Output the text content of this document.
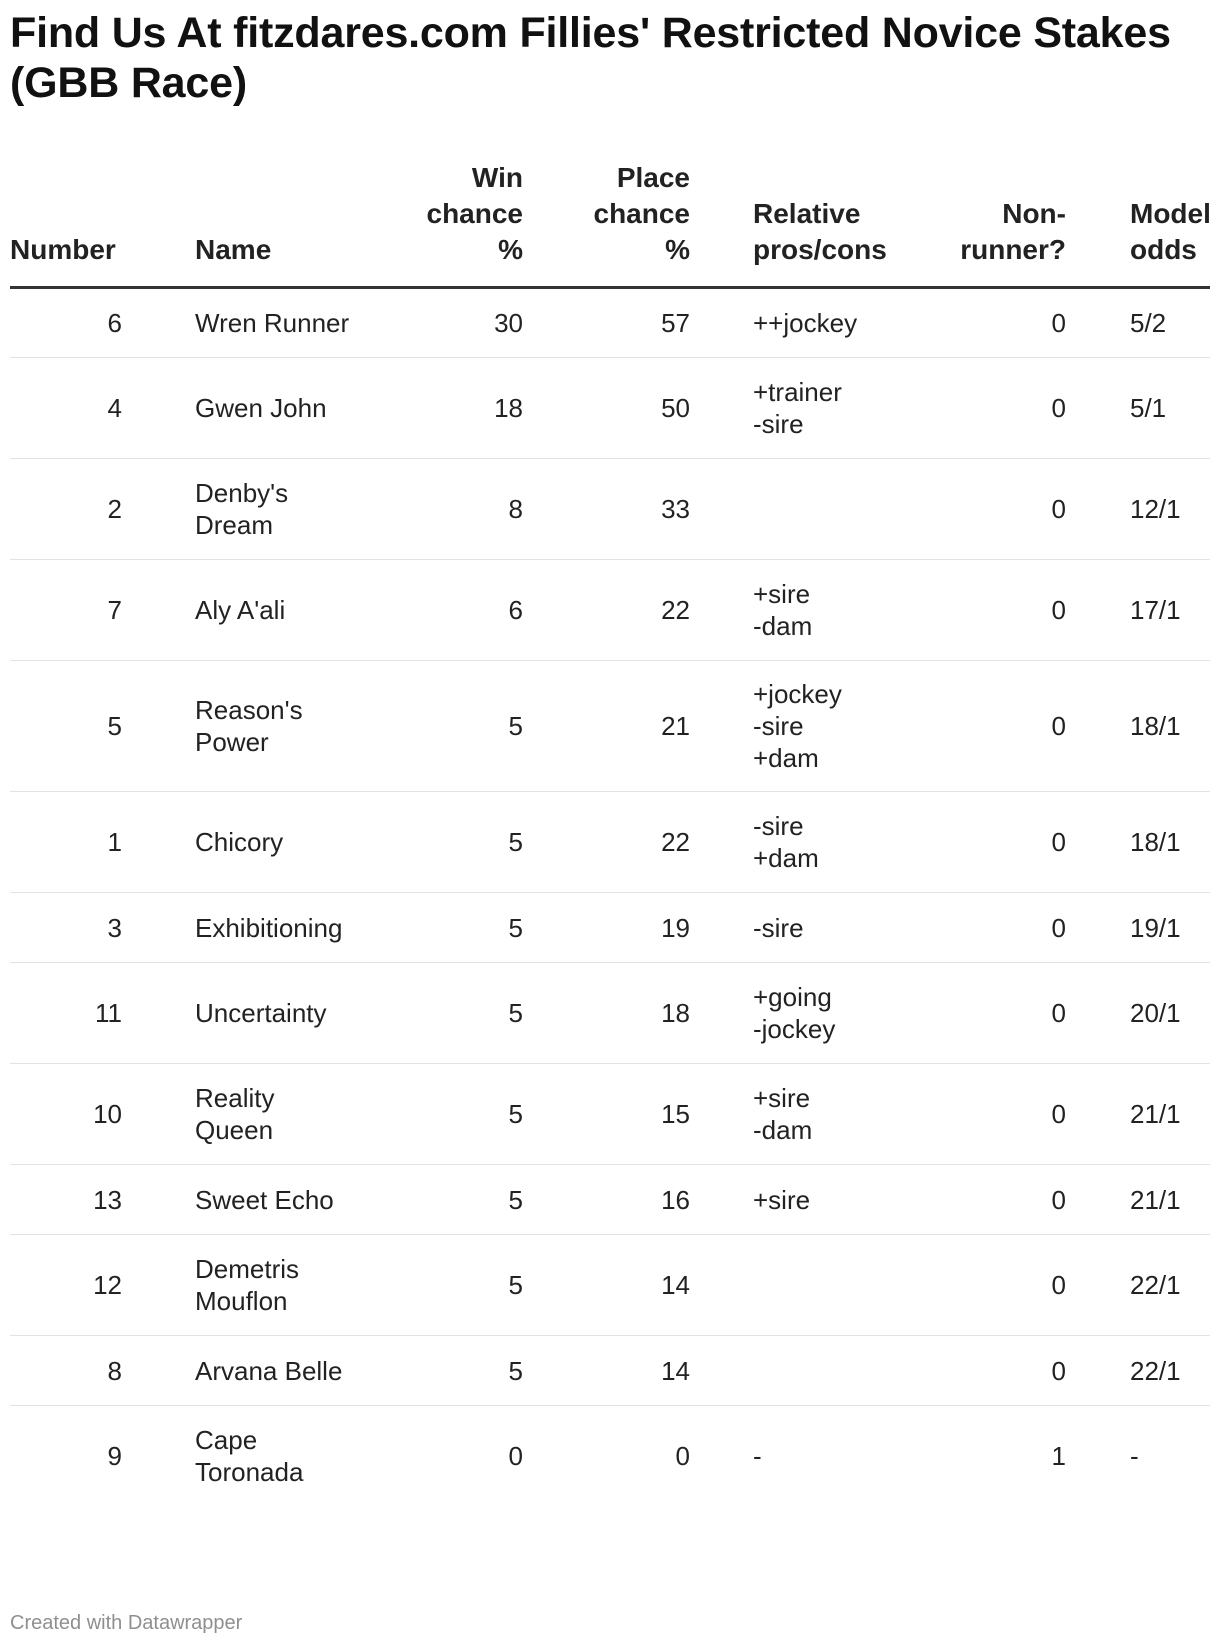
Find Us At fitzdares.com Fillies' Restricted Novice Stakes (GBB Race)
Number		Name	Win
chance
%	Place
chance
%		Relative
pros/cons	Non-
runner?		Model
odds
6		Wren Runner	30	57		++jockey	0		5/2
4		Gwen John	18	50		+trainer
-sire	0		5/1
2		Denby's
Dream	8	33			0		12/1
7		Aly A'ali	6	22		+sire
-dam	0		17/1
5		Reason's
Power	5	21		+jockey
-sire
+dam	0		18/1
1		Chicory	5	22		-sire
+dam	0		18/1
3		Exhibitioning	5	19		-sire	0		19/1
11		Uncertainty	5	18		+going
-jockey	0		20/1
10		Reality
Queen	5	15		+sire
-dam	0		21/1
13		Sweet Echo	5	16		+sire	0		21/1
12		Demetris
Mouflon	5	14			0		22/1
8		Arvana Belle	5	14			0		22/1
9		Cape
Toronada	0	0		-	1		-
Created with Datawrapper
